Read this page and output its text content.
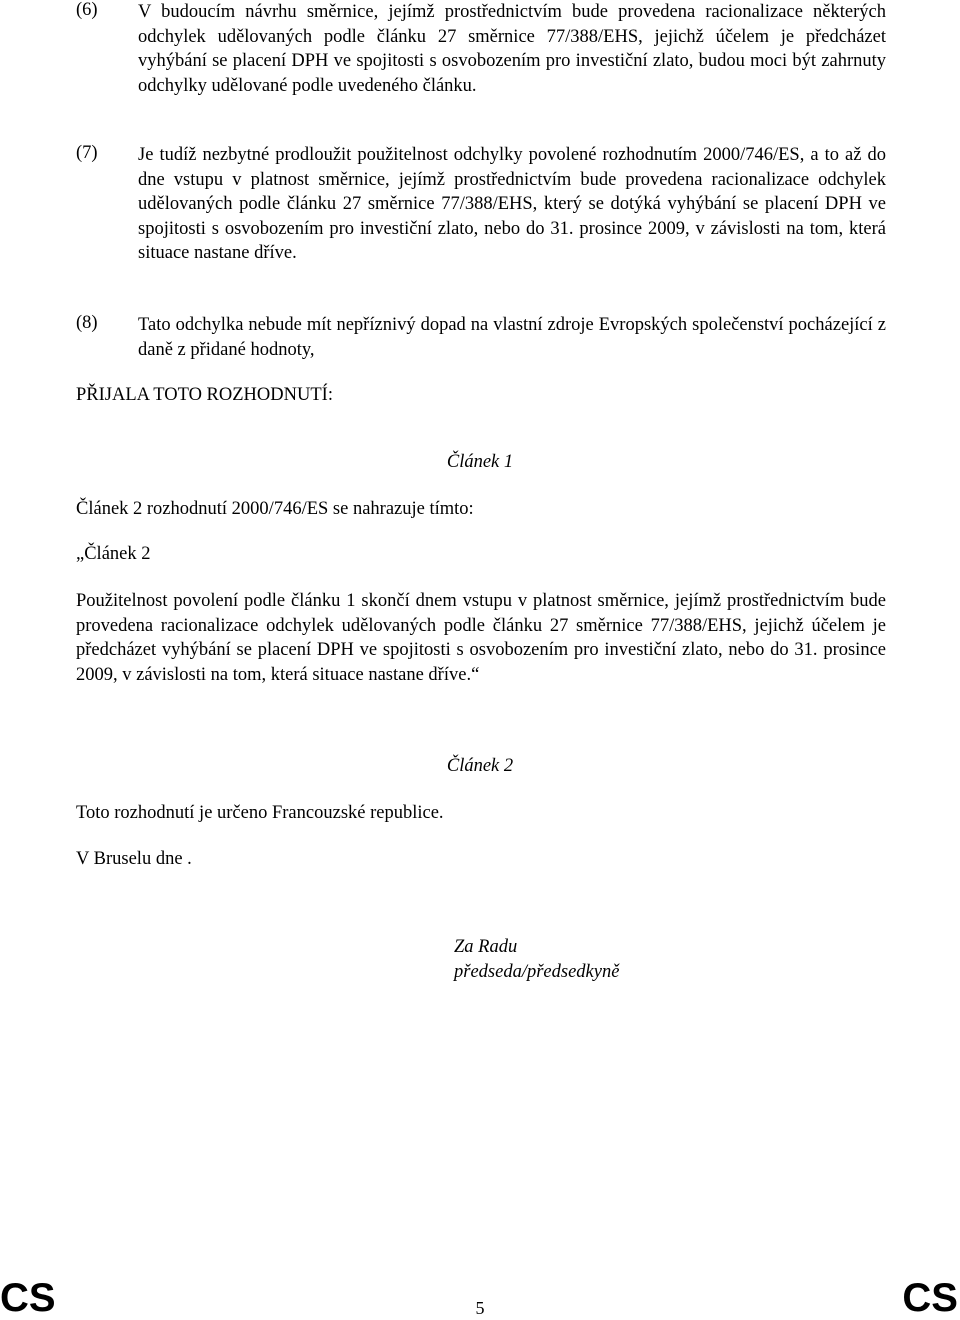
(6)	V budoucím návrhu směrnice, jejímž prostřednictvím bude provedena racionalizace některých odchylek udělovaných podle článku 27 směrnice 77/388/EHS, jejichž účelem je předcházet vyhýbání se placení DPH ve spojitosti s osvobozením pro investiční zlato, budou moci být zahrnuty odchylky udělované podle uvedeného článku.
(7)	Je tudíž nezbytné prodloužit použitelnost odchylky povolené rozhodnutím 2000/746/ES, a to až do dne vstupu v platnost směrnice, jejímž prostřednictvím bude provedena racionalizace odchylek udělovaných podle článku 27 směrnice 77/388/EHS, který se dotýká vyhýbání se placení DPH ve spojitosti s osvobozením pro investiční zlato, nebo do 31. prosince 2009, v závislosti na tom, která situace nastane dříve.
(8)	Tato odchylka nebude mít nepříznivý dopad na vlastní zdroje Evropských společenství pocházející z daně z přidané hodnoty,
PŘIJALA TOTO ROZHODNUTÍ:
Článek 1
Článek 2 rozhodnutí 2000/746/ES se nahrazuje tímto:
„Článek 2
Použitelnost povolení podle článku 1 skončí dnem vstupu v platnost směrnice, jejímž prostřednictvím bude provedena racionalizace odchylek udělovaných podle článku 27 směrnice 77/388/EHS, jejichž účelem je předcházet vyhýbání se placení DPH ve spojitosti s osvobozením pro investiční zlato, nebo do 31. prosince 2009, v závislosti na tom, která situace nastane dříve.“
Článek 2
Toto rozhodnutí je určeno Francouzské republice.
V Bruselu dne .
Za Radu
předseda/předsedkyně
CS	5	CS
